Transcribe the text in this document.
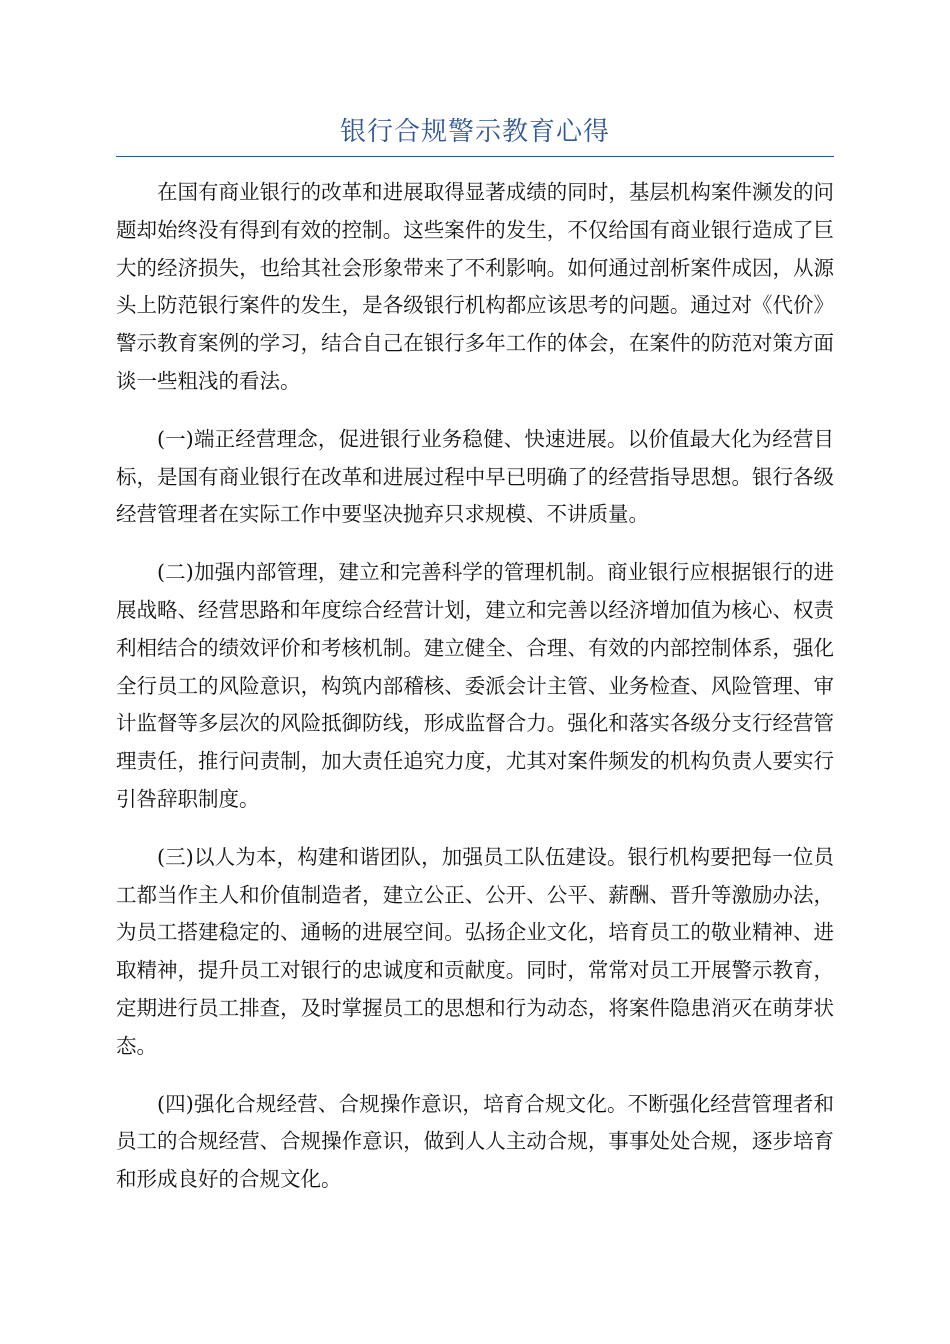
银行合规警示教育心得

在国有商业银行的改革和进展取得显著成绩的同时，基层机构案件濒发的问题却始终没有得到有效的控制。这些案件的发生，不仅给国有商业银行造成了巨大的经济损失，也给其社会形象带来了不利影响。如何通过剖析案件成因，从源头上防范银行案件的发生，是各级银行机构都应该思考的问题。通过对《代价》警示教育案例的学习，结合自己在银行多年工作的体会，在案件的防范对策方面谈一些粗浅的看法。

(一)端正经营理念，促进银行业务稳健、快速进展。以价值最大化为经营目标，是国有商业银行在改革和进展过程中早已明确了的经营指导思想。银行各级经营管理者在实际工作中要坚决抛弃只求规模、不讲质量。

(二)加强内部管理，建立和完善科学的管理机制。商业银行应根据银行的进展战略、经营思路和年度综合经营计划，建立和完善以经济增加值为核心、权责利相结合的绩效评价和考核机制。建立健全、合理、有效的内部控制体系，强化全行员工的风险意识，构筑内部稽核、委派会计主管、业务检查、风险管理、审计监督等多层次的风险抵御防线，形成监督合力。强化和落实各级分支行经营管理责任，推行问责制，加大责任追究力度，尤其对案件频发的机构负责人要实行引咎辞职制度。

(三)以人为本，构建和谐团队，加强员工队伍建设。银行机构要把每一位员工都当作主人和价值制造者，建立公正、公开、公平、薪酬、晋升等激励办法，为员工搭建稳定的、通畅的进展空间。弘扬企业文化，培育员工的敬业精神、进取精神，提升员工对银行的忠诚度和贡献度。同时，常常对员工开展警示教育，定期进行员工排查，及时掌握员工的思想和行为动态，将案件隐患消灭在萌芽状态。

(四)强化合规经营、合规操作意识，培育合规文化。不断强化经营管理者和员工的合规经营、合规操作意识，做到人人主动合规，事事处处合规，逐步培育和形成良好的合规文化。
